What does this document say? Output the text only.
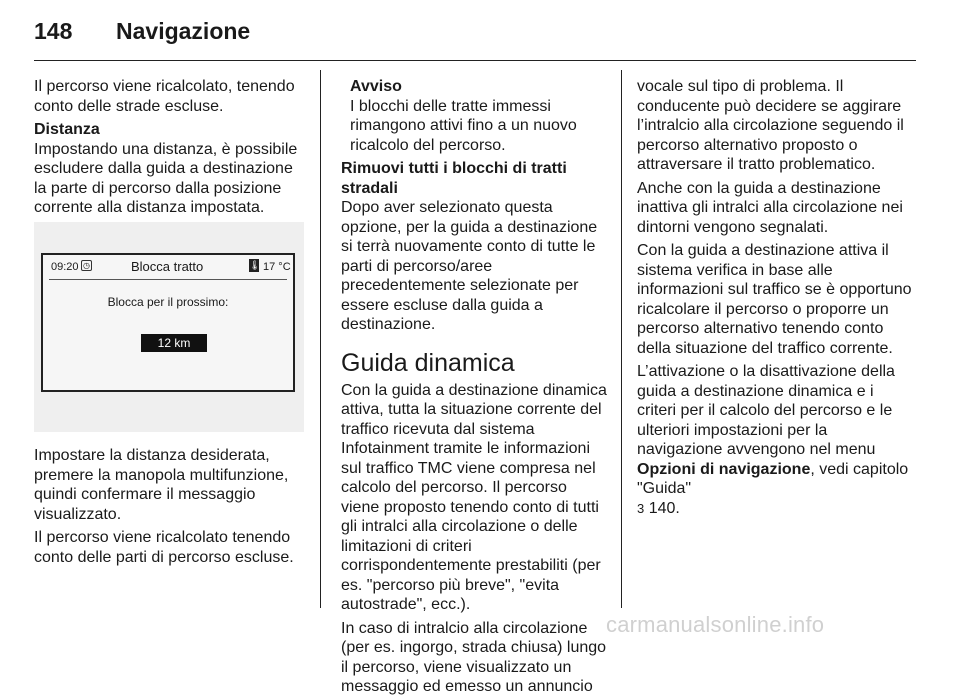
148 Navigazione

Il percorso viene ricalcolato, tenendo conto delle strade escluse.

Distanza
Impostando una distanza, è possibile escludere dalla guida a destinazione la parte di percorso dalla posizione corrente alla distanza impostata.

09:20 ◷	Blocca tratto	🌡 17 °C
Blocca per il prossimo:
12 km

Impostare la distanza desiderata, premere la manopola multifunzione, quindi confermare il messaggio visualizzato.

Il percorso viene ricalcolato tenendo conto delle parti di percorso escluse.

Avviso
I blocchi delle tratte immessi rimangono attivi fino a un nuovo ricalcolo del percorso.

Rimuovi tutti i blocchi di tratti stradali
Dopo aver selezionato questa opzione, per la guida a destinazione si terrà nuovamente conto di tutte le parti di percorso/aree precedentemente selezionate per essere escluse dalla guida a destinazione.

Guida dinamica

Con la guida a destinazione dinamica attiva, tutta la situazione corrente del traffico ricevuta dal sistema Infotainment tramite le informazioni sul traffico TMC viene compresa nel calcolo del percorso. Il percorso viene proposto tenendo conto di tutti gli intralci alla circolazione o delle limitazioni di criteri corrispondentemente prestabiliti (per es. "percorso più breve", "evita autostrade", ecc.).

In caso di intralcio alla circolazione (per es. ingorgo, strada chiusa) lungo il percorso, viene visualizzato un messaggio ed emesso un annuncio

vocale sul tipo di problema. Il conducente può decidere se aggirare l’intralcio alla circolazione seguendo il percorso alternativo proposto o attraversare il tratto problematico.

Anche con la guida a destinazione inattiva gli intralci alla circolazione nei dintorni vengono segnalati.

Con la guida a destinazione attiva il sistema verifica in base alle informazioni sul traffico se è opportuno ricalcolare il percorso o proporre un percorso alternativo tenendo conto della situazione del traffico corrente.

L’attivazione o la disattivazione della guida a destinazione dinamica e i criteri per il calcolo del percorso e le ulteriori impostazioni per la navigazione avvengono nel menu Opzioni di navigazione, vedi capitolo "Guida"
3 140.

carmanualsonline.info
